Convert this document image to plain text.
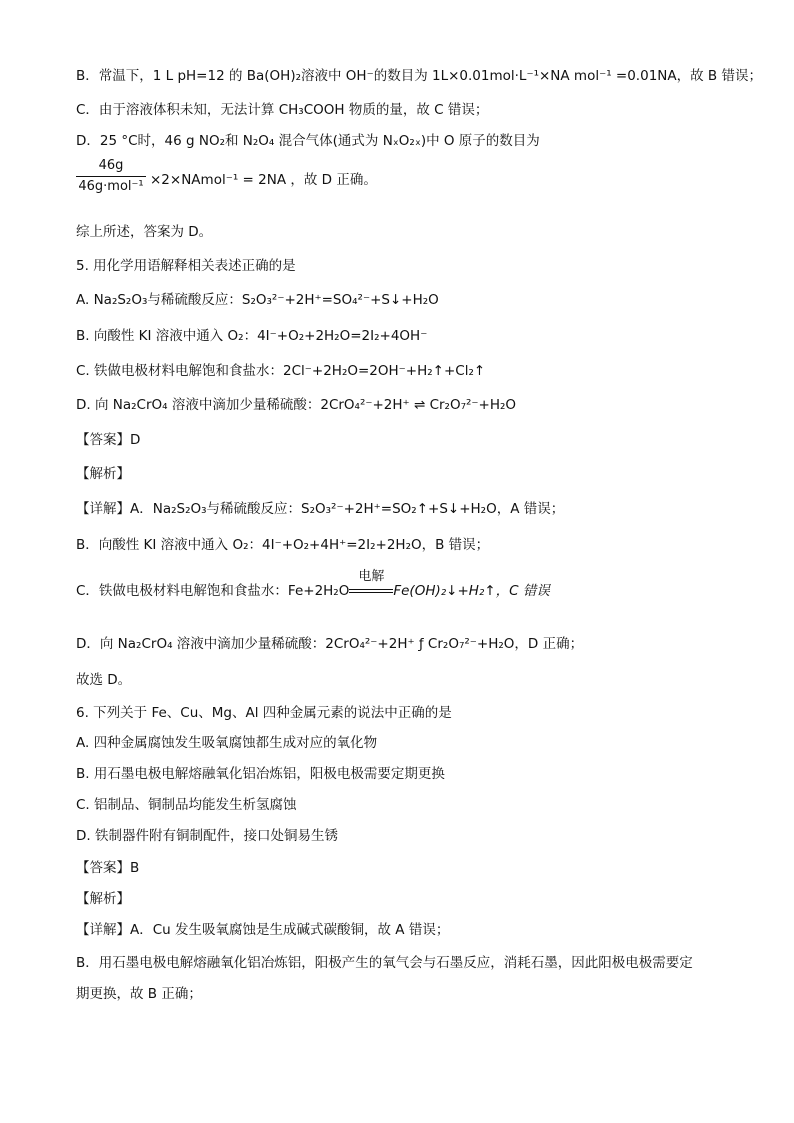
B．常温下，1 L pH=12 的 Ba(OH)₂溶液中 OH⁻的数目为 1L×0.01mol·L⁻¹×NA mol⁻¹ =0.01NA，故 B 错误；
C．由于溶液体积未知，无法计算 CH₃COOH 物质的量，故 C 错误；
D．25 °C时，46 g NO₂和 N₂O₄ 混合气体(通式为 NₓO₂ₓ)中 O 原子的数目为
46g
46g·mol⁻¹ ×2×NAmol⁻¹ = 2NA ，故 D 正确。
综上所述，答案为 D。
5. 用化学用语解释相关表述正确的是
A. Na₂S₂O₃与稀硫酸反应：S₂O₃²⁻+2H⁺=SO₄²⁻+S↓+H₂O
B. 向酸性 KI 溶液中通入 O₂：4I⁻+O₂+2H₂O=2I₂+4OH⁻
C. 铁做电极材料电解饱和食盐水：2Cl⁻+2H₂O=2OH⁻+H₂↑+Cl₂↑
D. 向 Na₂CrO₄ 溶液中滴加少量稀硫酸：2CrO₄²⁻+2H⁺ ⇌ Cr₂O₇²⁻+H₂O
【答案】D
【解析】
【详解】A．Na₂S₂O₃与稀硫酸反应：S₂O₃²⁻+2H⁺=SO₂↑+S↓+H₂O，A 错误；
B．向酸性 KI 溶液中通入 O₂：4I⁻+O₂+4H⁺=2I₂+2H₂O，B 错误；
C．铁做电极材料电解饱和食盐水：Fe+2H₂O
电解
Fe(OH)₂↓+H₂↑，C 错误
D．向 Na₂CrO₄ 溶液中滴加少量稀硫酸：2CrO₄²⁻+2H⁺ ƒ Cr₂O₇²⁻+H₂O，D 正确；
故选 D。
6. 下列关于 Fe、Cu、Mg、Al 四种金属元素的说法中正确的是
A. 四种金属腐蚀发生吸氧腐蚀都生成对应的氧化物
B. 用石墨电极电解熔融氧化铝冶炼铝，阳极电极需要定期更换
C. 铝制品、铜制品均能发生析氢腐蚀
D. 铁制器件附有铜制配件，接口处铜易生锈
【答案】B
【解析】
【详解】A．Cu 发生吸氧腐蚀是生成碱式碳酸铜，故 A 错误；
B．用石墨电极电解熔融氧化铝冶炼铝，阳极产生的氧气会与石墨反应，消耗石墨，因此阳极电极需要定
期更换，故 B 正确；
